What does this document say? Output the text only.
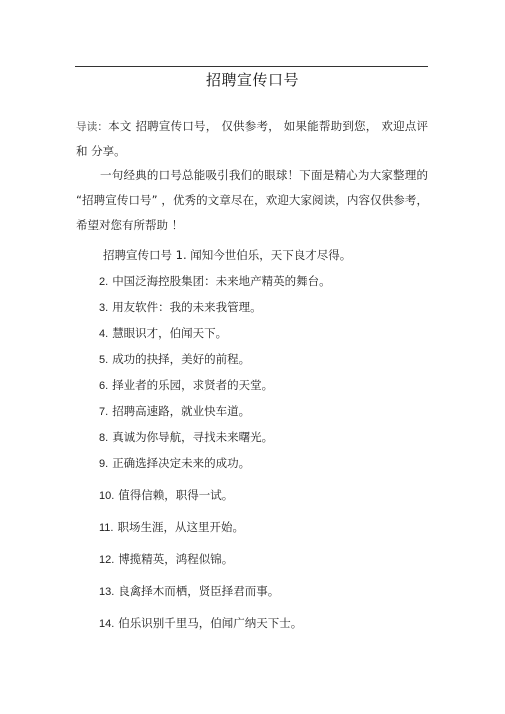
招聘宣传口号
导读：本文 招聘宣传口号， 仅供参考， 如果能帮助到您， 欢迎点评和 分享。
一句经典的口号总能吸引我们的眼球！下面是精心为大家整理的 “招聘宣传口号” ，优秀的文章尽在，欢迎大家阅读，内容仅供参考， 希望对您有所帮助 ！
招聘宣传口号 1. 闻知今世伯乐，天下良才尽得。
2. 中国泛海控股集团：未来地产精英的舞台。
3. 用友软件：我的未来我管理。
4. 慧眼识才，伯闻天下。
5. 成功的抉择，美好的前程。
6. 择业者的乐园，求贤者的天堂。
7. 招聘高速路，就业快车道。
8. 真诚为你导航，寻找未来曙光。
9. 正确选择决定未来的成功。
10. 值得信赖，职得一试。
11. 职场生涯，从这里开始。
12. 博揽精英，鸿程似锦。
13. 良禽择木而栖，贤臣择君而事。
14. 伯乐识别千里马，伯闻广纳天下士。
